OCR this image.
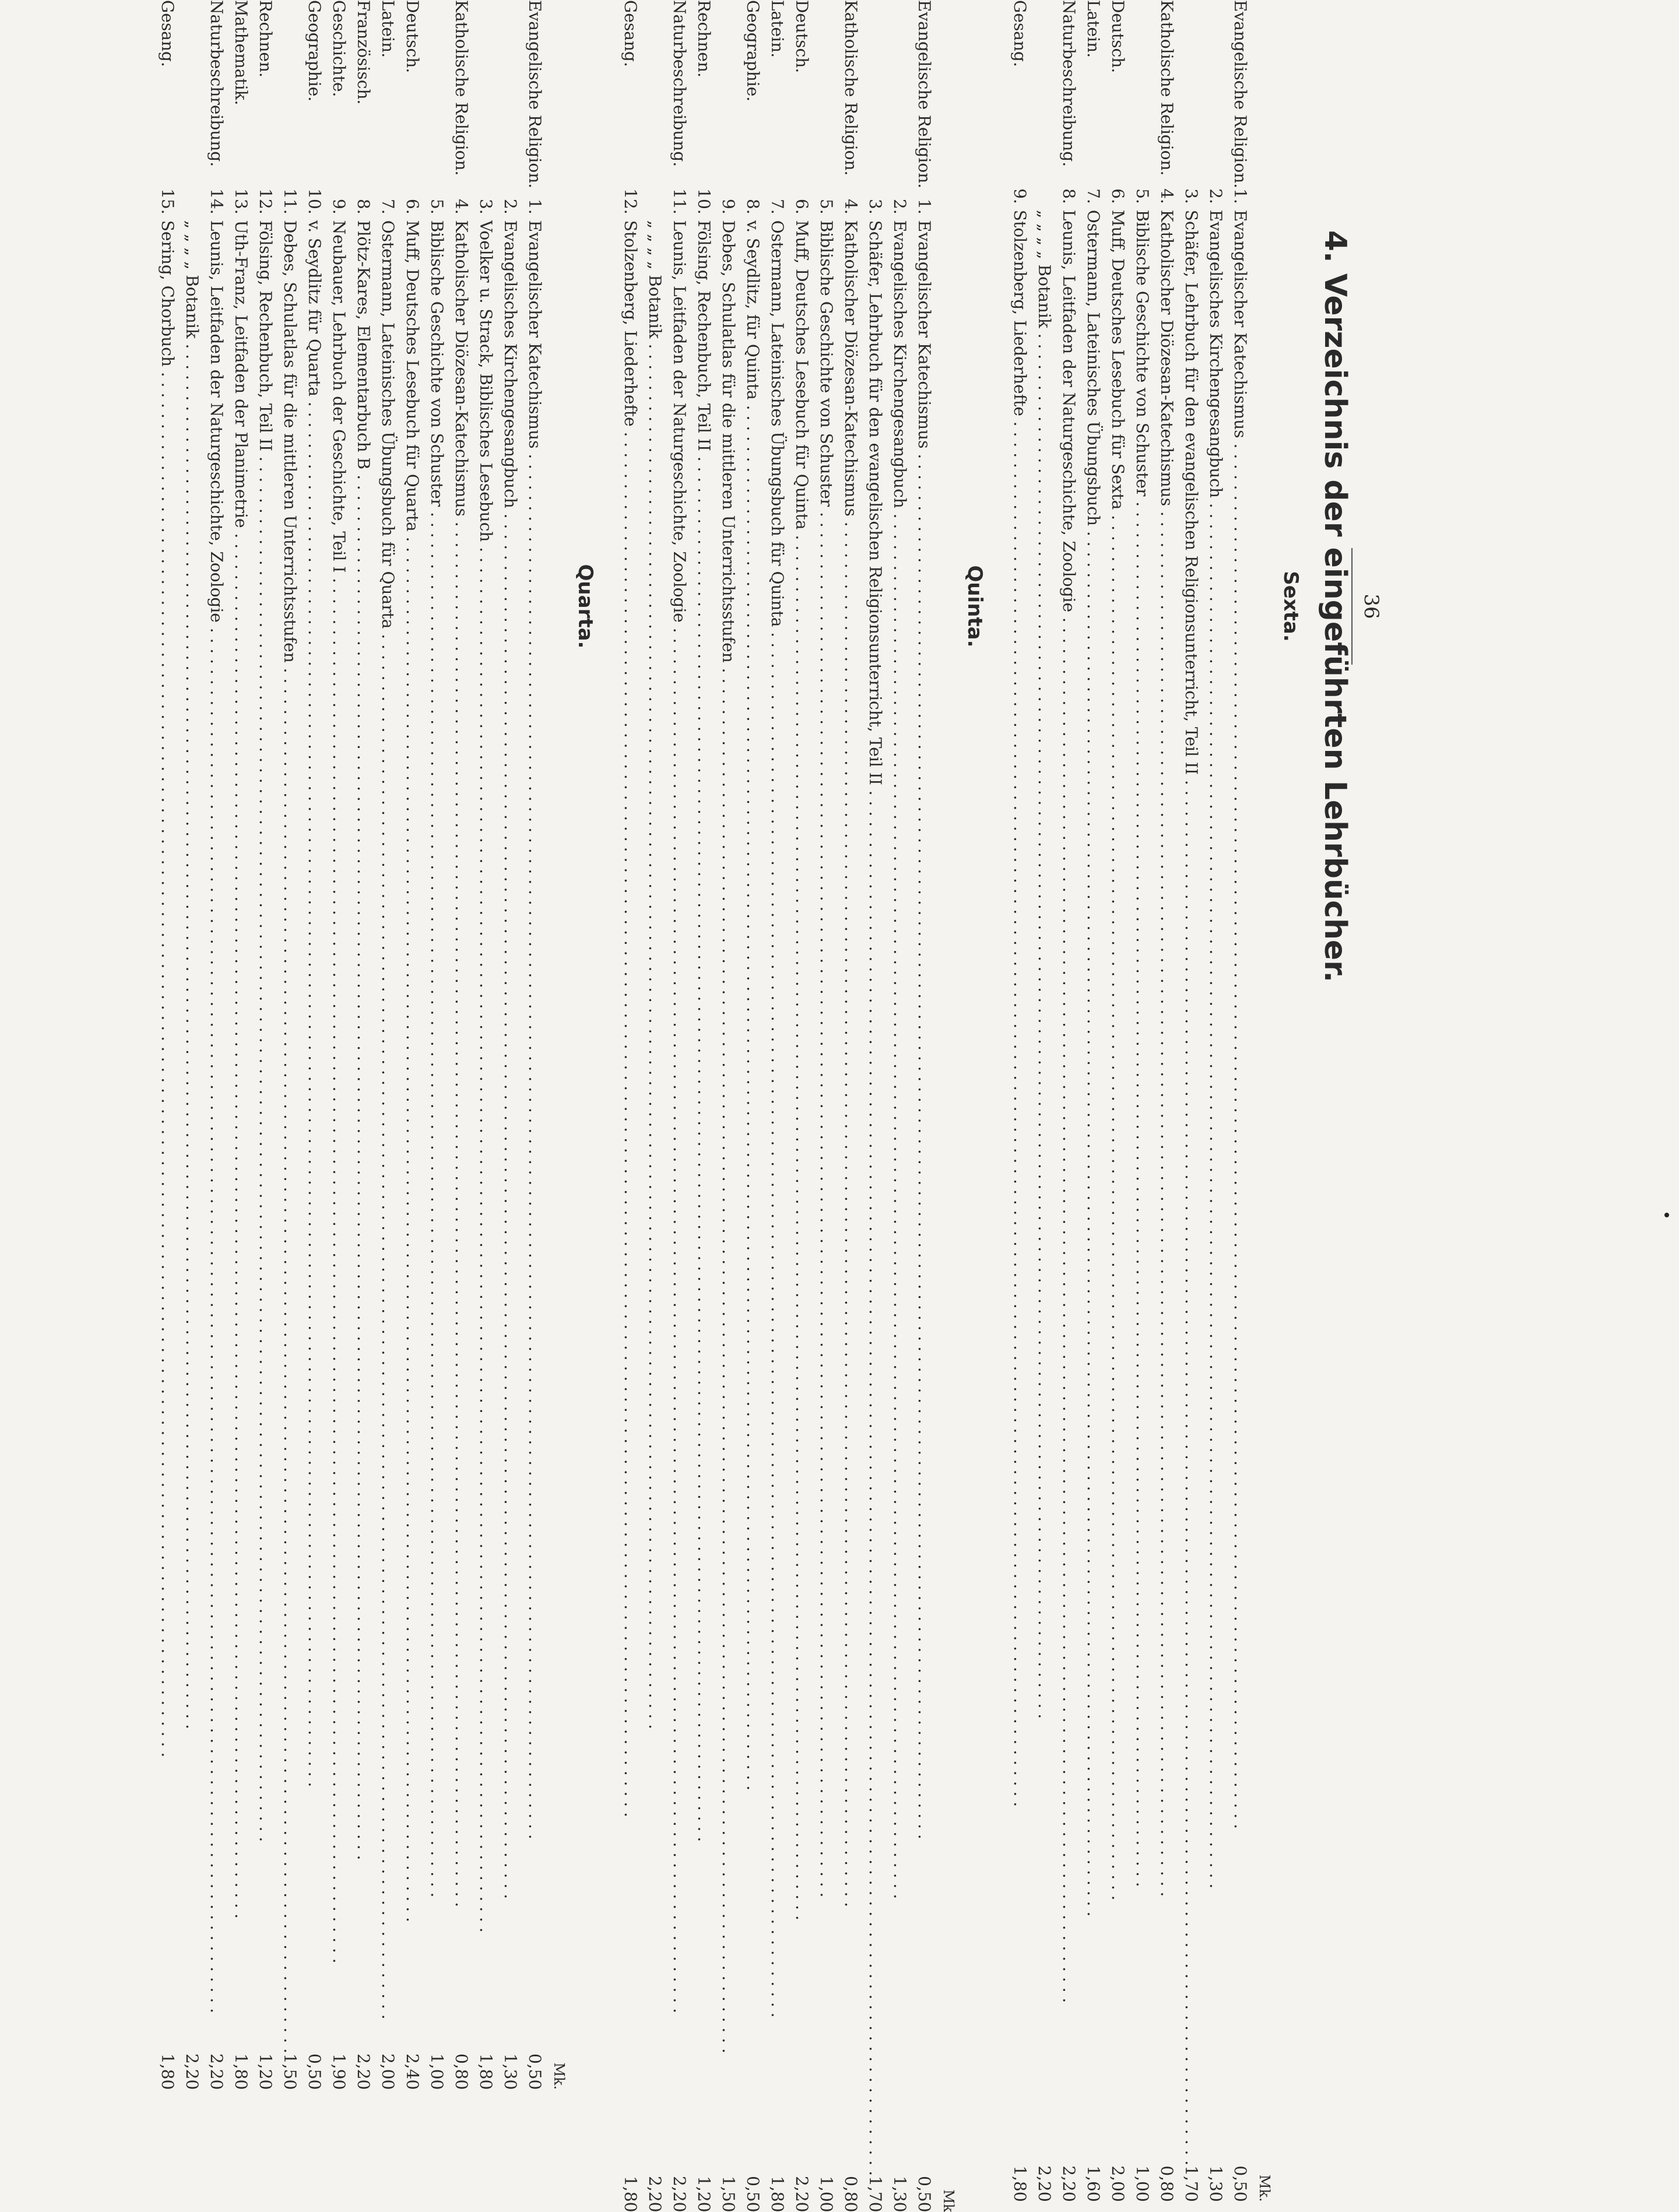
36
4. Verzeichnis der eingeführten Lehrbücher.
Sexta.
			Mk.
Evangelische Religion.	1.	Evangelischer Katechismus . . .	0,50
	2.	Evangelisches Kirchengesangbuch . . .	1,30
	3.	Schäfer, Lehrbuch für den evangelischen Religionsunterricht, Teil II . . .	1,70
Katholische Religion.	4.	Katholischer Diözesan-Katechismus . . .	0,80
	5.	Biblische Geschichte von Schuster . . .	1,00
Deutsch.	6.	Muff, Deutsches Lesebuch für Sexta . . .	2,00
Latein.	7.	Ostermann, Lateinisches Übungsbuch . . .	1,60
Naturbeschreibung.	8.	Leunis, Leitfaden der Naturgeschichte, Zoologie . . .	2,20

		„ „ „ „ Botanik . . .	2,20
Gesang.	9.	Stolzenberg, Liederhefte . . .	1,80
Quinta.
			Mk
Evangelische Religion.	1.	Evangelischer Katechismus . . .	0,50
	2.	Evangelisches Kirchengesangbuch . . .	1,30
	3.	Schäfer, Lehrbuch für den evangelischen Religionsunterricht, Teil II . . .	1,70
Katholische Religion.	4.	Katholischer Diözesan-Katechismus . . .	0,80
	5.	Biblische Geschichte von Schuster . . .	1,00
Deutsch.	6.	Muff, Deutsches Lesebuch für Quinta . . .	2,20
Latein.	7.	Ostermann, Lateinisches Übungsbuch für Quinta . . .	1,80
Geographie.	8.	v. Seydlitz, für Quinta . . .	0,50
	9.	Debes, Schulatlas für die mittleren Unterrichtsstufen . . .	1,50
Rechnen.	10.	Fölsing, Rechenbuch, Teil II . . .	1,20
Naturbeschreibung.	11.	Leunis, Leitfaden der Naturgeschichte, Zoologie . . .	2,20

		„ „ „ „ Botanik . . .	2,20
Gesang.	12.	Stolzenberg, Liederhefte . . .	1,80
Quarta.
			Mk.
Evangelische Religion.	1.	Evangelischer Katechismus . . .	0,50
	2.	Evangelisches Kirchengesangbuch . . .	1,30
	3.	Voelker u. Strack, Biblisches Lesebuch . . .	1,80
Katholische Religion.	4.	Katholischer Diözesan-Katechismus . . .	0,80
	5.	Biblische Geschichte von Schuster . . .	1,00
Deutsch.	6.	Muff, Deutsches Lesebuch für Quarta . . .	2,40
Latein.	7.	Ostermann, Lateinisches Übungsbuch für Quarta . . .	2,00
Französisch.	8.	Plötz-Kares, Elementarbuch B . . .	2,20
Geschichte.	9.	Neubauer, Lehrbuch der Geschichte, Teil I . . .	1,90
Geographie.	10.	v. Seydlitz für Quarta . . .	0,50
	11.	Debes, Schulatlas für die mittleren Unterrichtsstufen . . .	1,50
Rechnen.	12.	Fölsing, Rechenbuch, Teil II . . .	1,20
Mathematik.	13.	Uth-Franz, Leitfaden der Planimetrie . . .	1,80
Naturbeschreibung.	14.	Leunis, Leitfaden der Naturgeschichte, Zoologie . . .	2,20

		„ „ „ „ Botanik . . .	2,20
Gesang.	15.	Sering, Chorbuch . . .	1,80
